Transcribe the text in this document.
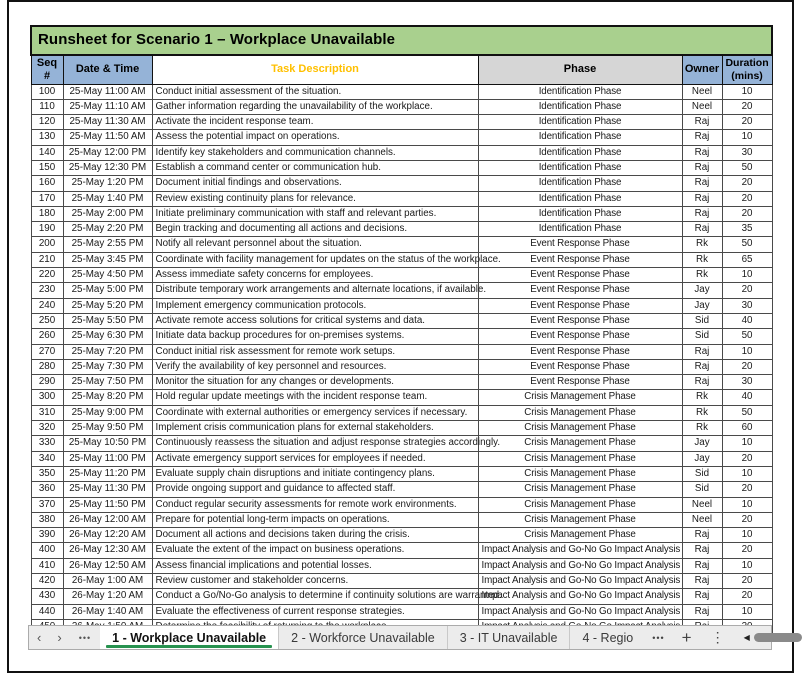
Runsheet for Scenario 1 – Workplace Unavailable					
Seq #	Date & Time	Task Description	Phase	Owner	Duration (mins)
100	25-May 11:00 AM	Conduct initial assessment of the situation.	Identification Phase	Neel	10
110	25-May 11:10 AM	Gather information regarding the unavailability of the workplace.	Identification Phase	Neel	20
120	25-May 11:30 AM	Activate the incident response team.	Identification Phase	Raj	20
130	25-May 11:50 AM	Assess the potential impact on operations.	Identification Phase	Raj	10
140	25-May 12:00 PM	Identify key stakeholders and communication channels.	Identification Phase	Raj	30
150	25-May 12:30 PM	Establish a command center or communication hub.	Identification Phase	Raj	50
160	25-May 1:20 PM	Document initial findings and observations.	Identification Phase	Raj	20
170	25-May 1:40 PM	Review existing continuity plans for relevance.	Identification Phase	Raj	20
180	25-May 2:00 PM	Initiate preliminary communication with staff and relevant parties.	Identification Phase	Raj	20
190	25-May 2:20 PM	Begin tracking and documenting all actions and decisions.	Identification Phase	Raj	35
200	25-May 2:55 PM	Notify all relevant personnel about the situation.	Event Response Phase	Rk	50
210	25-May 3:45 PM	Coordinate with facility management for updates on the status of the workplace.	Event Response Phase	Rk	65
220	25-May 4:50 PM	Assess immediate safety concerns for employees.	Event Response Phase	Rk	10
230	25-May 5:00 PM	Distribute temporary work arrangements and alternate locations, if available.	Event Response Phase	Jay	20
240	25-May 5:20 PM	Implement emergency communication protocols.	Event Response Phase	Jay	30
250	25-May 5:50 PM	Activate remote access solutions for critical systems and data.	Event Response Phase	Sid	40
260	25-May 6:30 PM	Initiate data backup procedures for on-premises systems.	Event Response Phase	Sid	50
270	25-May 7:20 PM	Conduct initial risk assessment for remote work setups.	Event Response Phase	Raj	10
280	25-May 7:30 PM	Verify the availability of key personnel and resources.	Event Response Phase	Raj	20
290	25-May 7:50 PM	Monitor the situation for any changes or developments.	Event Response Phase	Raj	30
300	25-May 8:20 PM	Hold regular update meetings with the incident response team.	Crisis Management Phase	Rk	40
310	25-May 9:00 PM	Coordinate with external authorities or emergency services if necessary.	Crisis Management Phase	Rk	50
320	25-May 9:50 PM	Implement crisis communication plans for external stakeholders.	Crisis Management Phase	Rk	60
330	25-May 10:50 PM	Continuously reassess the situation and adjust response strategies accordingly.	Crisis Management Phase	Jay	10
340	25-May 11:00 PM	Activate emergency support services for employees if needed.	Crisis Management Phase	Jay	20
350	25-May 11:20 PM	Evaluate supply chain disruptions and initiate contingency plans.	Crisis Management Phase	Sid	10
360	25-May 11:30 PM	Provide ongoing support and guidance to affected staff.	Crisis Management Phase	Sid	20
370	25-May 11:50 PM	Conduct regular security assessments for remote work environments.	Crisis Management Phase	Neel	10
380	26-May 12:00 AM	Prepare for potential long-term impacts on operations.	Crisis Management Phase	Neel	20
390	26-May 12:20 AM	Document all actions and decisions taken during the crisis.	Crisis Management Phase	Raj	10
400	26-May 12:30 AM	Evaluate the extent of the impact on business operations.	Impact Analysis and Go-No Go Impact Analysis	Raj	20
410	26-May 12:50 AM	Assess financial implications and potential losses.	Impact Analysis and Go-No Go Impact Analysis	Raj	10
420	26-May 1:00 AM	Review customer and stakeholder concerns.	Impact Analysis and Go-No Go Impact Analysis	Raj	20
430	26-May 1:20 AM	Conduct a Go/No-Go analysis to determine if continuity solutions are warranted.	Impact Analysis and Go-No Go Impact Analysis	Raj	20
440	26-May 1:40 AM	Evaluate the effectiveness of current response strategies.	Impact Analysis and Go-No Go Impact Analysis	Raj	10

‹	›	•••	1 - Workplace Unavailable	2 - Workforce Unavailable	3 - IT Unavailable	4 - Regio	•••	+	⋮	◀
